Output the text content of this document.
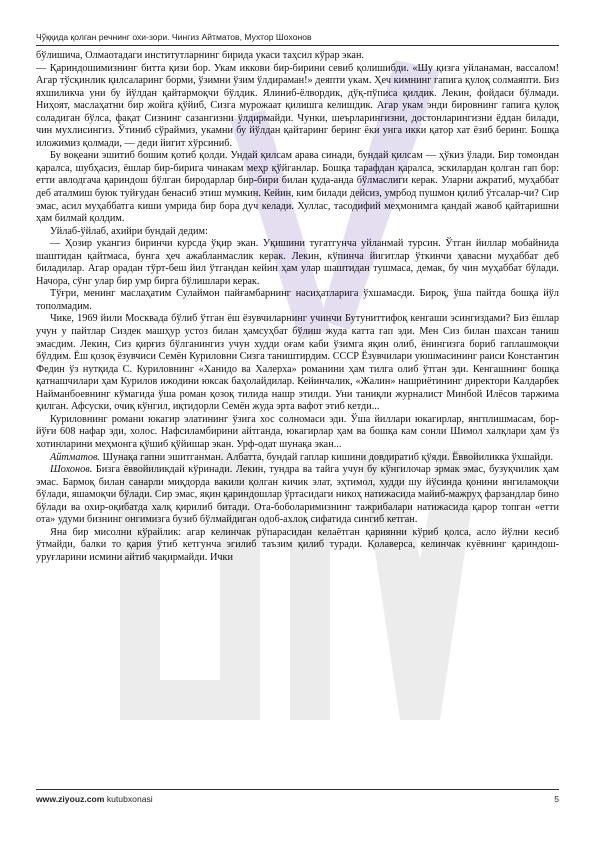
Чўққида қолган речнинг охи-зори. Чингиз Айтматов, Мухтор Шохонов

бўлишича, Олмаотадаги институтларнинг бирида укаси таҳсил кўрар экан.

— Қариндошимизнинг битта қизи бор. Укам иккови бир-бирини севиб қолишибди. «Шу қизга уйланаман, вассалом! Агар тўсқинлик қилсаларинг борми, ўзимни ўзим ўлдираман!» деяпти укам. Ҳеч кимнинг гапига қулоқ солмаяпти. Биз яхшиликча уни бу йўлдан қайтармоқчи бўлдик. Ялиниб-ёлвордик, дўқ-пўписа қилдик. Лекин, фойдаси бўлмади. Ниҳоят, маслаҳатни бир жойга қўйиб, Сизга мурожаат қилишга келишдик. Агар укам энди бировнинг гапига қулоқ соладиган бўлса, фақат Сизнинг сазангизни ўлдирмайди. Чунки, шеърларингизни, достонларингизни ёддан билади, чин мухлисингиз. Ўтиниб сўраймиз, укамни бу йўлдан қайтаринг беринг ёки унга икки қатор хат ёзиб беринг. Бошқа иложимиз қолмади, — деди йигит хўрсиниб.

Бу воқеани эшитиб бошим қотиб қолди. Ундай қилсам арава синади, бундай қилсам — ҳўкиз ўлади. Бир томондан қаралса, шубҳасиз, ёшлар бир-бирига чинакам меҳр қўйганлар. Бошқа тарафдан қаралса, эскилардан қолган гап бор: етти авлодгача қариндош бўлган биродарлар бир-бири билан қуда-анда бўлмаслиги керак. Уларни ажратиб, муҳаббат деб аталмиш буюк туйғудан бенасиб этиш мумкин. Кейин, ким билади дейсиз, умрбод пушмон қилиб ўтсалар-чи? Сир эмас, асил муҳаббатга киши умрида бир бора дуч келади. Хуллас, тасодифий меҳмонимга қандай жавоб қайтаришни ҳам билмай қолдим.

Уйлаб-ўйлаб, ахийри бундай дедим:

— Ҳозир укангиз биринчи курсда ўқир экан. Уқишини тугатгунча уйланмай турсин. Ўтган йиллар мобайнида шаштидан қайтмаса, бунга ҳеч ажабланмаслик керак. Лекин, кўпинча йигитлар ўткинчи ҳавасни муҳаббат деб биладилар. Агар орадан тўрт-беш йил ўтгандан кейин ҳам улар шаштидан тушмаса, демак, бу чин муҳаббат бўлади. Начора, сўнг улар бир умр бирга бўлишлари керак.

Тўғри, менинг маслаҳатим Сулаймон пайғамбарнинг насиҳатларига ўхшамасди. Бироқ, ўша пайтда бошқа йўл тополмадим.

Чике, 1969 йили Москвада бўлиб ўтган ёш ёзувчиларнинг учинчи Бутуниттифоқ кенгаши эсингиздами? Биз ёшлар учун у пайтлар Сиздек машҳур устоз билан ҳамсуҳбат бўлиш жуда катта гап эди. Мен Сиз билан шахсан таниш эмасдим. Лекин, Сиз қирғиз бўлганингиз учун худди оғам каби ўзимга яқин олиб, ёнингизга бориб гаплашмоқчи бўлдим. Ёш қозоқ ёзувчиси Семён Куриловни Сизга таништирдим. СССР Ёзувчилари уюшмасининг раиси Константин Федин ўз нутқида С. Куриловнинг «Ханидо ва Халерха» романини ҳам тилга олиб ўтган эди. Кенгашнинг бошқа қатнашчилари ҳам Курилов ижодини юксак баҳолайдилар. Кейинчалик, «Жалин» нашриётининг директори Калдарбек Найманбоевнинг кўмагида ўша роман қозоқ тилида нашр этилди. Уни таниқли журналист Минбой Илёсов таржима қилган. Афсуски, очиқ кўнгил, иқтидорли Семён жуда эрта вафот этиб кетди...

Куриловнинг романи юкагир элатининг ўзига хос солномаси эди. Ўша йиллари юкагирлар, янгплишмасам, бор-йўғи 608 нафар эди, холос. Нафсиламбирини айтганда, юкагирлар ҳам ва бошқа кам сонли Шимол халқлари ҳам ўз хотинларини меҳмонга қўшиб қўйишар экан. Урф-одат шунақа экан...

Айтматов. Шунақа гапни эшитганман. Албатта, бундай гаплар кишини довдиратиб қўяди. Ёввойиликка ўхшайди.

Шохонов. Бизга ёввойиликдай кўринади. Лекин, тундра ва тайга учун бу кўнгилочар эрмак эмас, бузуқчилик ҳам эмас. Бармоқ билан санарли миқдорда вакили қолган кичик элат, эҳтимол, худди шу йўсинда қонини янгиламоқчи бўлади, яшамоқчи бўлади. Сир эмас, яқин қариндошлар ўртасидаги никоҳ натижасида майиб-мажруҳ фарзандлар бино бўлади ва охир-оқибатда халқ қирилиб битади. Ота-боболаримизнинг тажрибалари натижасида қарор топган «етти ота» удуми бизнинг онгимизга бузиб бўлмайдиган одоб-ахлоқ сифатида сингиб кетган.

Яна бир мисолни кўрайлик: агар келинчак рўпарасидан келаётган қариянни кўриб қолса, асло йўлни кесиб ўтмайди, балки то қария ўтиб кетгунча эгилиб таъзим қилиб туради. Қолаверса, келинчак куёвнинг қариндош-уруғларини исмини айтиб чақирмайди. Ички

www.ziyouz.com kutubxonasi	5
